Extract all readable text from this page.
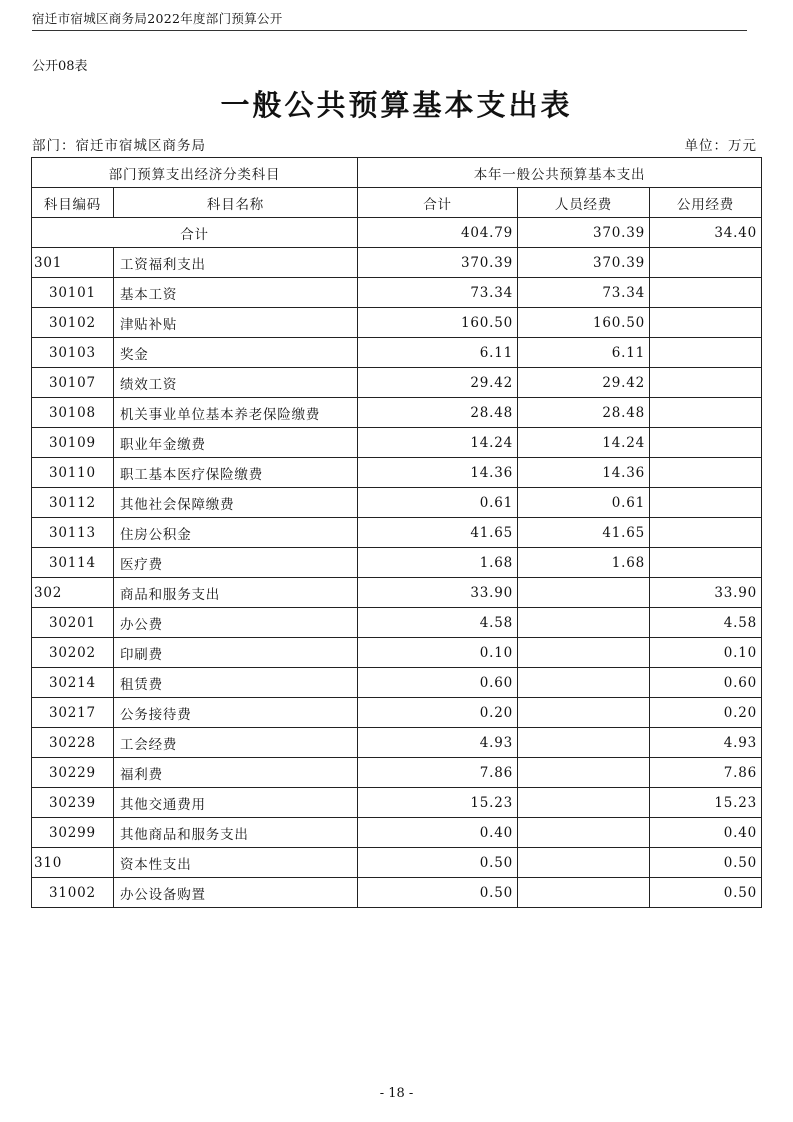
宿迁市宿城区商务局2022年度部门预算公开
公开08表
一般公共预算基本支出表
部门：宿迁市宿城区商务局	单位：万元
部门预算支出经济分类科目		本年一般公共预算基本支出		
科目编码	科目名称	合计	人员经费	公用经费
合计		404.79	370.39	34.40
301	工资福利支出	370.39	370.39	
30101	基本工资	73.34	73.34	
30102	津贴补贴	160.50	160.50	
30103	奖金	6.11	6.11	
30107	绩效工资	29.42	29.42	
30108	机关事业单位基本养老保险缴费	28.48	28.48	
30109	职业年金缴费	14.24	14.24	
30110	职工基本医疗保险缴费	14.36	14.36	
30112	其他社会保障缴费	0.61	0.61	
30113	住房公积金	41.65	41.65	
30114	医疗费	1.68	1.68	
302	商品和服务支出	33.90		33.90
30201	办公费	4.58		4.58
30202	印刷费	0.10		0.10
30214	租赁费	0.60		0.60
30217	公务接待费	0.20		0.20
30228	工会经费	4.93		4.93
30229	福利费	7.86		7.86
30239	其他交通费用	15.23		15.23
30299	其他商品和服务支出	0.40		0.40
310	资本性支出	0.50		0.50
31002	办公设备购置	0.50		0.50
- 18 -
